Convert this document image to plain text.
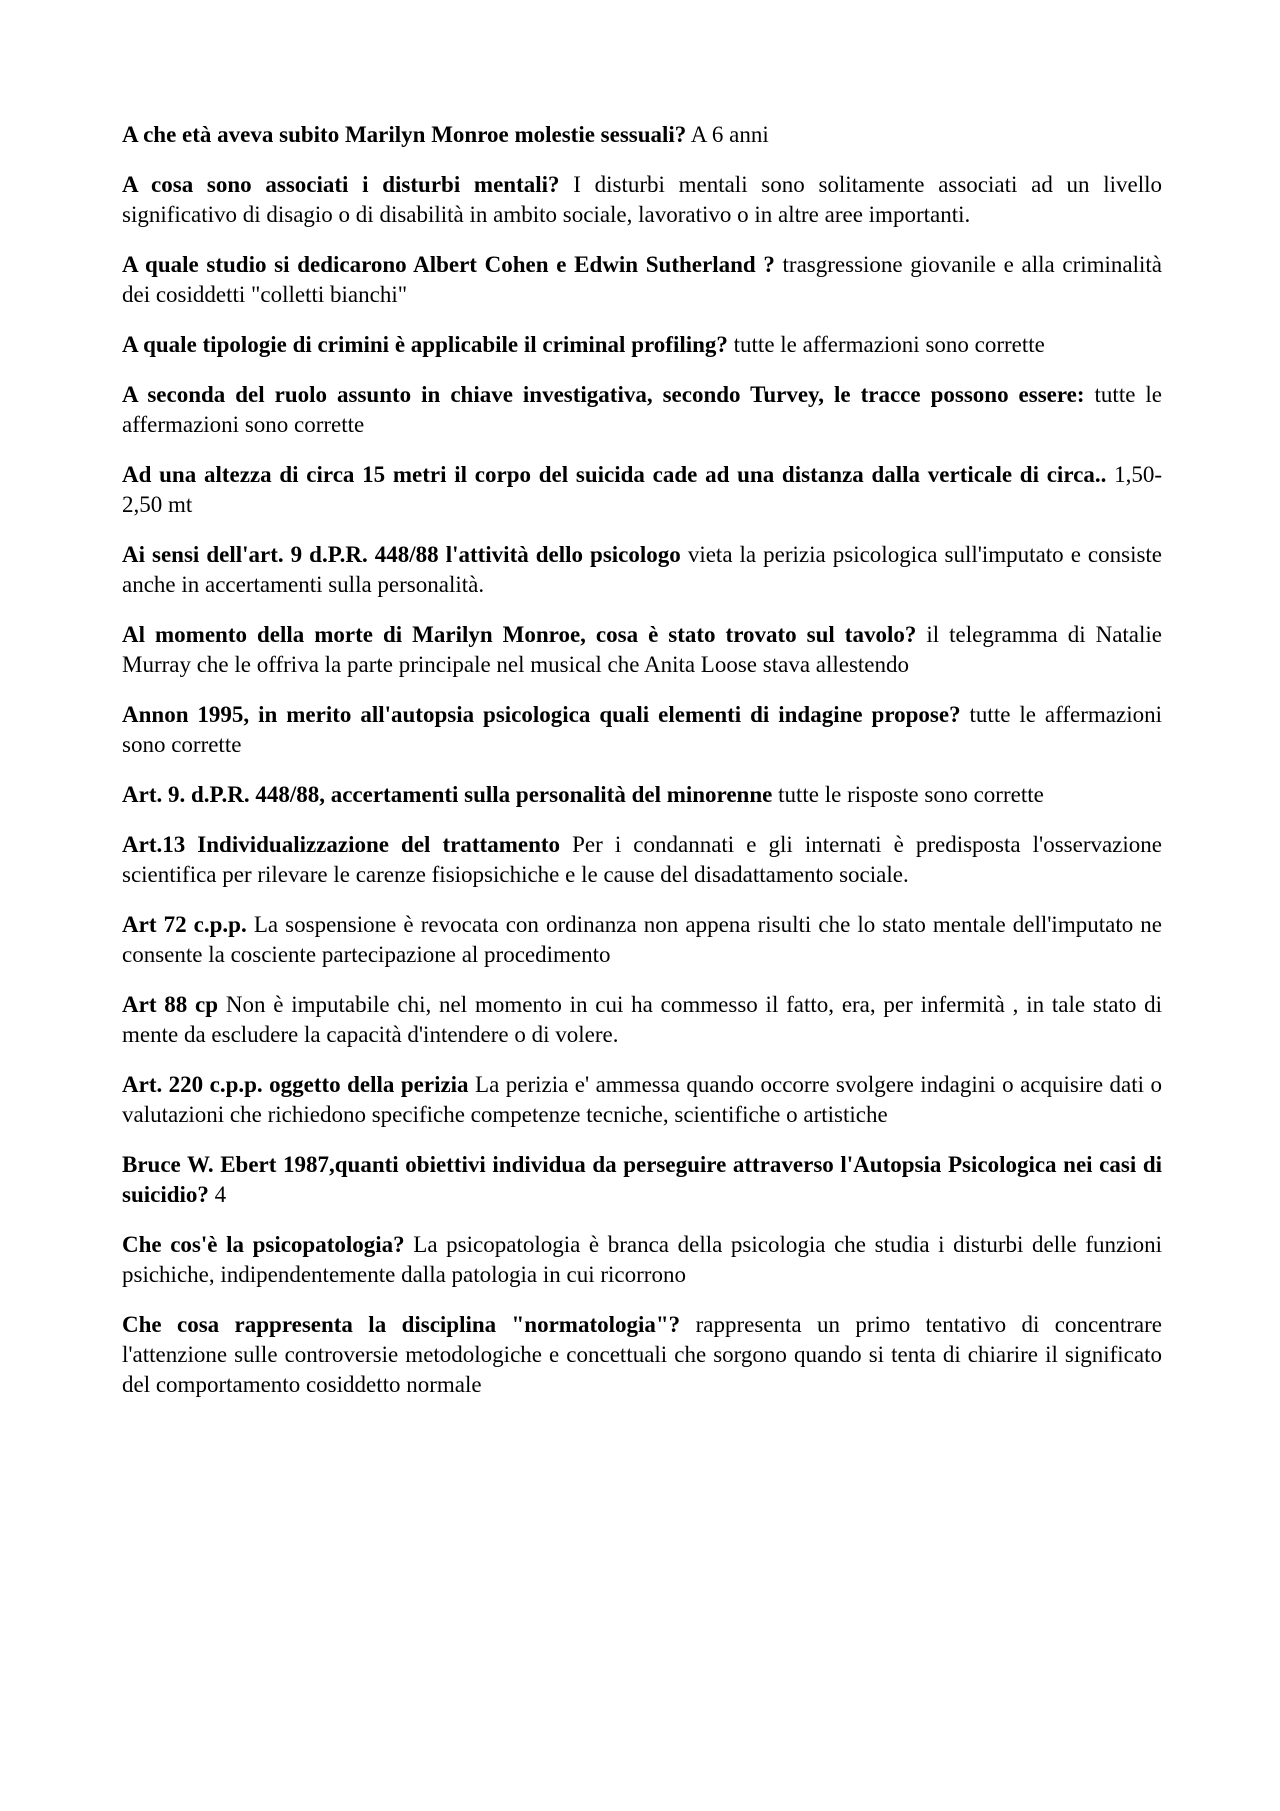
A che età aveva subito Marilyn Monroe molestie sessuali? A 6 anni

A cosa sono associati i disturbi mentali? I disturbi mentali sono solitamente associati ad un livello significativo di disagio o di disabilità in ambito sociale, lavorativo o in altre aree importanti.

A quale studio si dedicarono Albert Cohen e Edwin Sutherland ? trasgressione giovanile e alla criminalità dei cosiddetti "colletti bianchi"

A quale tipologie di crimini è applicabile il criminal profiling? tutte le affermazioni sono corrette

A seconda del ruolo assunto in chiave investigativa, secondo Turvey, le tracce possono essere: tutte le affermazioni sono corrette

Ad una altezza di circa 15 metri il corpo del suicida cade ad una distanza dalla verticale di circa.. 1,50-2,50 mt

Ai sensi dell'art. 9 d.P.R. 448/88 l'attività dello psicologo vieta la perizia psicologica sull'imputato e consiste anche in accertamenti sulla personalità.

Al momento della morte di Marilyn Monroe, cosa è stato trovato sul tavolo? il telegramma di Natalie Murray che le offriva la parte principale nel musical che Anita Loose stava allestendo

Annon 1995, in merito all'autopsia psicologica quali elementi di indagine propose? tutte le affermazioni sono corrette

Art. 9. d.P.R. 448/88, accertamenti sulla personalità del minorenne tutte le risposte sono corrette

Art.13 Individualizzazione del trattamento Per i condannati e gli internati è predisposta l'osservazione scientifica per rilevare le carenze fisiopsichiche e le cause del disadattamento sociale.

Art 72 c.p.p. La sospensione è revocata con ordinanza non appena risulti che lo stato mentale dell'imputato ne consente la cosciente partecipazione al procedimento

Art 88 cp Non è imputabile chi, nel momento in cui ha commesso il fatto, era, per infermità , in tale stato di mente da escludere la capacità d'intendere o di volere.

Art. 220 c.p.p. oggetto della perizia La perizia e' ammessa quando occorre svolgere indagini o acquisire dati o valutazioni che richiedono specifiche competenze tecniche, scientifiche o artistiche

Bruce W. Ebert 1987,quanti obiettivi individua da perseguire attraverso l'Autopsia Psicologica nei casi di suicidio? 4

Che cos'è la psicopatologia? La psicopatologia è branca della psicologia che studia i disturbi delle funzioni psichiche, indipendentemente dalla patologia in cui ricorrono

Che cosa rappresenta la disciplina "normatologia"? rappresenta un primo tentativo di concentrare l'attenzione sulle controversie metodologiche e concettuali che sorgono quando si tenta di chiarire il significato del comportamento cosiddetto normale
